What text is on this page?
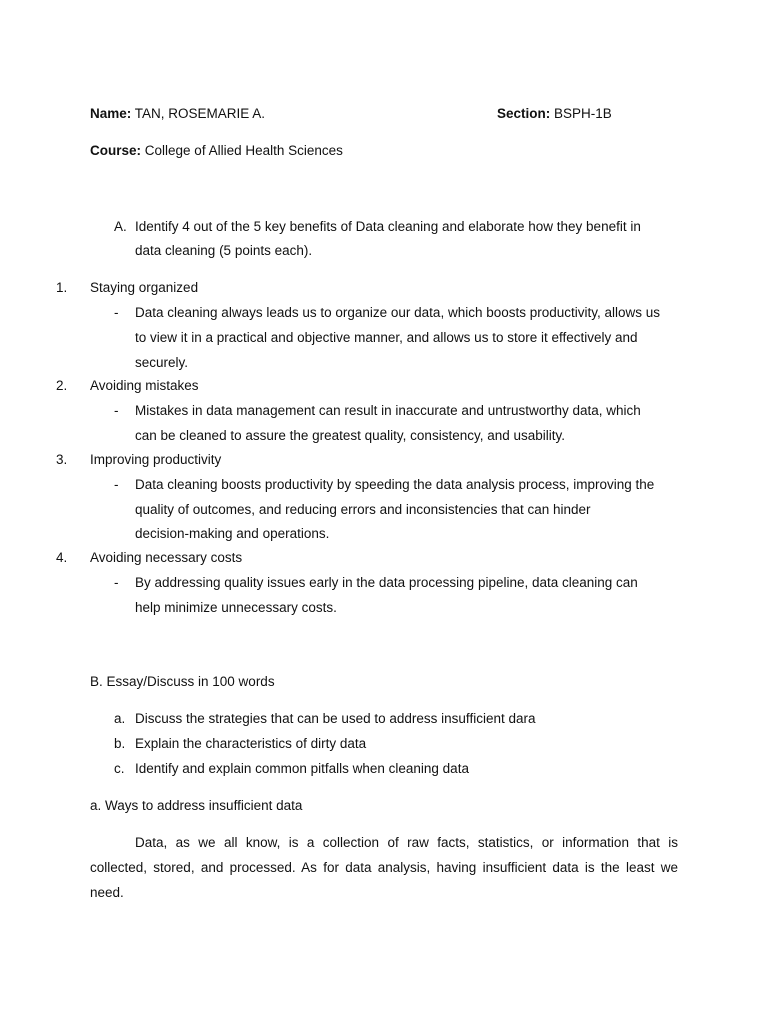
Name: TAN, ROSEMARIE A.	Section: BSPH-1B
Course: College of Allied Health Sciences
A. Identify 4 out of the 5 key benefits of Data cleaning and elaborate how they benefit in
data cleaning (5 points each).
1. Staying organized
- Data cleaning always leads us to organize our data, which boosts productivity, allows us
to view it in a practical and objective manner, and allows us to store it effectively and
securely.
2. Avoiding mistakes
- Mistakes in data management can result in inaccurate and untrustworthy data, which
can be cleaned to assure the greatest quality, consistency, and usability.
3. Improving productivity
- Data cleaning boosts productivity by speeding the data analysis process, improving the
quality of outcomes, and reducing errors and inconsistencies that can hinder
decision-making and operations.
4. Avoiding necessary costs
- By addressing quality issues early in the data processing pipeline, data cleaning can
help minimize unnecessary costs.
B. Essay/Discuss in 100 words
a. Discuss the strategies that can be used to address insufficient dara
b. Explain the characteristics of dirty data
c. Identify and explain common pitfalls when cleaning data
a. Ways to address insufficient data
Data, as we all know, is a collection of raw facts, statistics, or information that is
collected, stored, and processed. As for data analysis, having insufficient data is the least we
need.
